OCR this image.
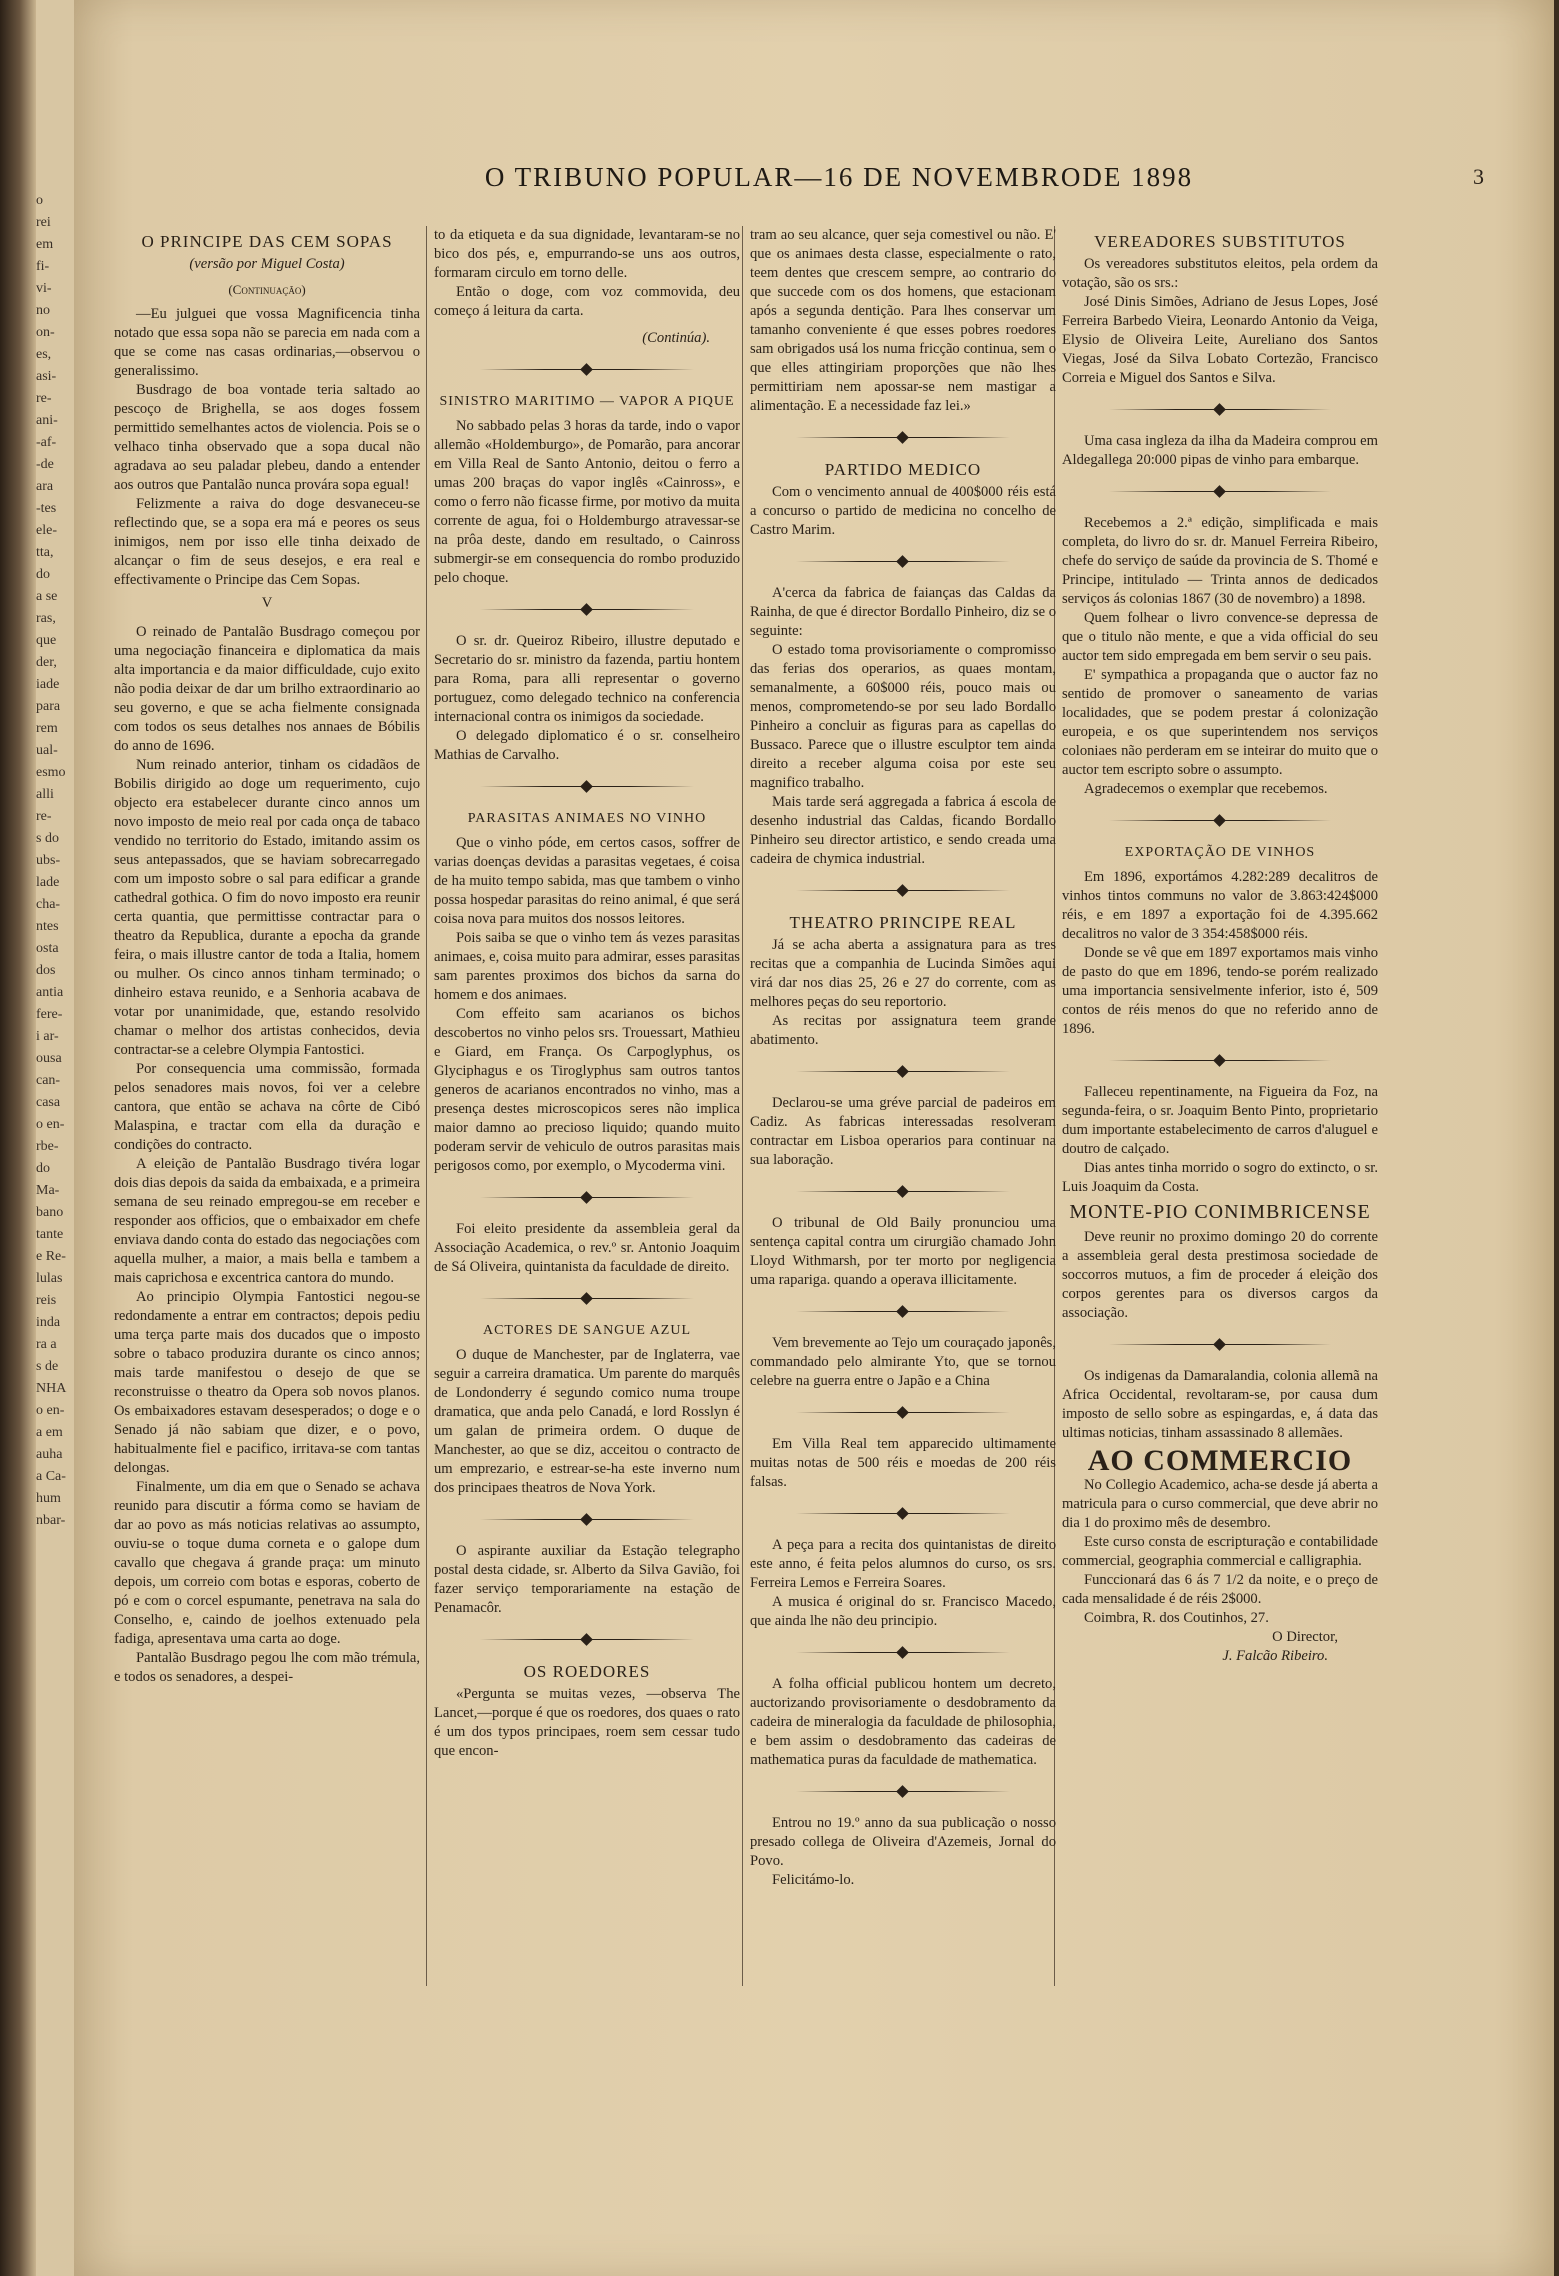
o
rei
em
fi-
vi-
no
on-
es,
asi-
re-
ani-
-af-
-de
ara
-tes
ele-
tta,
do
a se
ras,
que
der,
iade
para
rem
ual-
esmo
alli
re-
s do
ubs-
lade
cha-
ntes
osta
dos
antia
fere-
i ar-
ousa
can-
casa
o en-
rbe-
do
Ma-
bano
tante
e Re-
lulas
reis
inda
ra a
s de
NHA
o en-
a em
auha
a Ca-
hum
nbar-
O TRIBUNO POPULAR—16 DE NOVEMBRODE 1898	3
O PRINCIPE DAS CEM SOPAS
(versão por Miguel Costa)
(Continuação)

—Eu julguei que vossa Magnificencia tinha notado que essa sopa não se parecia em nada com a que se come nas casas ordinarias,—observou o generalissimo.

Busdrago de boa vontade teria saltado ao pescoço de Brighella, se aos doges fossem permittido semelhantes actos de violencia. Pois se o velhaco tinha observado que a sopa ducal não agradava ao seu paladar plebeu, dando a entender aos outros que Pantalão nunca provára sopa egual!

Felizmente a raiva do doge desvaneceu-se reflectindo que, se a sopa era má e peores os seus inimigos, nem por isso elle tinha deixado de alcançar o fim de seus desejos, e era real e effectivamente o Principe das Cem Sopas.

V

O reinado de Pantalão Busdrago começou por uma negociação financeira e diplomatica da mais alta importancia e da maior difficuldade, cujo exito não podia deixar de dar um brilho extraordinario ao seu governo, e que se acha fielmente consignada com todos os seus detalhes nos annaes de Bóbilis do anno de 1696.

Num reinado anterior, tinham os cidadãos de Bobilis dirigido ao doge um requerimento, cujo objecto era estabelecer durante cinco annos um novo imposto de meio real por cada onça de tabaco vendido no territorio do Estado, imitando assim os seus antepassados, que se haviam sobrecarregado com um imposto sobre o sal para edificar a grande cathedral gothica. O fim do novo imposto era reunir certa quantia, que permittisse contractar para o theatro da Republica, durante a epocha da grande feira, o mais illustre cantor de toda a Italia, homem ou mulher. Os cinco annos tinham terminado; o dinheiro estava reunido, e a Senhoria acabava de votar por unanimidade, que, estando resolvido chamar o melhor dos artistas conhecidos, devia contractar-se a celebre Olympia Fantostici.

Por consequencia uma commissão, formada pelos senadores mais novos, foi ver a celebre cantora, que então se achava na côrte de Cibó Malaspina, e tractar com ella da duração e condições do contracto.

A eleição de Pantalão Busdrago tivéra logar dois dias depois da saida da embaixada, e a primeira semana de seu reinado empregou-se em receber e responder aos officios, que o embaixador em chefe enviava dando conta do estado das negociações com aquella mulher, a maior, a mais bella e tambem a mais caprichosa e excentrica cantora do mundo.

Ao principio Olympia Fantostici negou-se redondamente a entrar em contractos; depois pediu uma terça parte mais dos ducados que o imposto sobre o tabaco produzira durante os cinco annos; mais tarde manifestou o desejo de que se reconstruisse o theatro da Opera sob novos planos. Os embaixadores estavam desesperados; o doge e o Senado já não sabiam que dizer, e o povo, habitualmente fiel e pacifico, irritava-se com tantas delongas.

Finalmente, um dia em que o Senado se achava reunido para discutir a fórma como se haviam de dar ao povo as más noticias relativas ao assumpto, ouviu-se o toque duma corneta e o galope dum cavallo que chegava á grande praça: um minuto depois, um correio com botas e esporas, coberto de pó e com o corcel espumante, penetrava na sala do Conselho, e, caindo de joelhos extenuado pela fadiga, apresentava uma carta ao doge.

Pantalão Busdrago pegou lhe com mão trémula, e todos os senadores, a despei-

to da etiqueta e da sua dignidade, levantaram-se no bico dos pés, e, empurrando-se uns aos outros, formaram circulo em torno delle.

Então o doge, com voz commovida, deu começo á leitura da carta.

(Continúa).
SINISTRO MARITIMO — VAPOR A PIQUE

No sabbado pelas 3 horas da tarde, indo o vapor allemão «Holdemburgo», de Pomarão, para ancorar em Villa Real de Santo Antonio, deitou o ferro a umas 200 braças do vapor inglês «Cainross», e como o ferro não ficasse firme, por motivo da muita corrente de agua, foi o Holdemburgo atravessar-se na prôa deste, dando em resultado, o Cainross submergir-se em consequencia do rombo produzido pelo choque.

O sr. dr. Queiroz Ribeiro, illustre deputado e Secretario do sr. ministro da fazenda, partiu hontem para Roma, para alli representar o governo portuguez, como delegado technico na conferencia internacional contra os inimigos da sociedade.

O delegado diplomatico é o sr. conselheiro Mathias de Carvalho.

PARASITAS ANIMAES NO VINHO

Que o vinho póde, em certos casos, soffrer de varias doenças devidas a parasitas vegetaes, é coisa de ha muito tempo sabida, mas que tambem o vinho possa hospedar parasitas do reino animal, é que será coisa nova para muitos dos nossos leitores.

Pois saiba se que o vinho tem ás vezes parasitas animaes, e, coisa muito para admirar, esses parasitas sam parentes proximos dos bichos da sarna do homem e dos animaes.

Com effeito sam acarianos os bichos descobertos no vinho pelos srs. Trouessart, Mathieu e Giard, em França. Os Carpoglyphus, os Glyciphagus e os Tiroglyphus sam outros tantos generos de acarianos encontrados no vinho, mas a presença destes microscopicos seres não implica maior damno ao precioso liquido; quando muito poderam servir de vehiculo de outros parasitas mais perigosos como, por exemplo, o Mycoderma vini.

Foi eleito presidente da assembleia geral da Associação Academica, o rev.º sr. Antonio Joaquim de Sá Oliveira, quintanista da faculdade de direito.

ACTORES DE SANGUE AZUL

O duque de Manchester, par de Inglaterra, vae seguir a carreira dramatica. Um parente do marquês de Londonderry é segundo comico numa troupe dramatica, que anda pelo Canadá, e lord Rosslyn é um galan de primeira ordem. O duque de Manchester, ao que se diz, acceitou o contracto de um emprezario, e estrear-se-ha este inverno num dos principaes theatros de Nova York.

O aspirante auxiliar da Estação telegrapho postal desta cidade, sr. Alberto da Silva Gavião, foi fazer serviço temporariamente na estação de Penamacôr.

OS ROEDORES

«Pergunta se muitas vezes, —observa The Lancet,—porque é que os roedores, dos quaes o rato é um dos typos principaes, roem sem cessar tudo que encon-

tram ao seu alcance, quer seja comestivel ou não. E' que os animaes desta classe, especialmente o rato, teem dentes que crescem sempre, ao contrario do que succede com os dos homens, que estacionam após a segunda dentição. Para lhes conservar um tamanho conveniente é que esses pobres roedores sam obrigados usá los numa fricção continua, sem o que elles attingiriam proporções que não lhes permittiriam nem apossar-se nem mastigar a alimentação. E a necessidade faz lei.»

PARTIDO MEDICO

Com o vencimento annual de 400$000 réis está a concurso o partido de medicina no concelho de Castro Marim.

A'cerca da fabrica de faianças das Caldas da Rainha, de que é director Bordallo Pinheiro, diz se o seguinte:

O estado toma provisoriamente o compromisso das ferias dos operarios, as quaes montam, semanalmente, a 60$000 réis, pouco mais ou menos, comprometendo-se por seu lado Bordallo Pinheiro a concluir as figuras para as capellas do Bussaco. Parece que o illustre esculptor tem ainda direito a receber alguma coisa por este seu magnifico trabalho.

Mais tarde será aggregada a fabrica á escola de desenho industrial das Caldas, ficando Bordallo Pinheiro seu director artistico, e sendo creada uma cadeira de chymica industrial.

THEATRO PRINCIPE REAL

Já se acha aberta a assignatura para as tres recitas que a companhia de Lucinda Simões aqui virá dar nos dias 25, 26 e 27 do corrente, com as melhores peças do seu reportorio.

As recitas por assignatura teem grande abatimento.

Declarou-se uma gréve parcial de padeiros em Cadiz. As fabricas interessadas resolveram contractar em Lisboa operarios para continuar na sua laboração.

O tribunal de Old Baily pronunciou uma sentença capital contra um cirurgião chamado John Lloyd Withmarsh, por ter morto por negligencia uma rapariga. quando a operava illicitamente.

Vem brevemente ao Tejo um couraçado japonês, commandado pelo almirante Yto, que se tornou celebre na guerra entre o Japão e a China

Em Villa Real tem apparecido ultimamente muitas notas de 500 réis e moedas de 200 réis falsas.

A peça para a recita dos quintanistas de direito este anno, é feita pelos alumnos do curso, os srs. Ferreira Lemos e Ferreira Soares.

A musica é original do sr. Francisco Macedo, que ainda lhe não deu principio.

A folha official publicou hontem um decreto, auctorizando provisoriamente o desdobramento da cadeira de mineralogia da faculdade de philosophia, e bem assim o desdobramento das cadeiras de mathematica puras da faculdade de mathematica.

Entrou no 19.º anno da sua publicação o nosso presado collega de Oliveira d'Azemeis, Jornal do Povo.

Felicitámo-lo.

VEREADORES SUBSTITUTOS

Os vereadores substitutos eleitos, pela ordem da votação, são os srs.:

José Dinis Simões, Adriano de Jesus Lopes, José Ferreira Barbedo Vieira, Leonardo Antonio da Veiga, Elysio de Oliveira Leite, Aureliano dos Santos Viegas, José da Silva Lobato Cortezão, Francisco Correia e Miguel dos Santos e Silva.

Uma casa ingleza da ilha da Madeira comprou em Aldegallega 20:000 pipas de vinho para embarque.

Recebemos a 2.ª edição, simplificada e mais completa, do livro do sr. dr. Manuel Ferreira Ribeiro, chefe do serviço de saúde da provincia de S. Thomé e Principe, intitulado — Trinta annos de dedicados serviços ás colonias 1867 (30 de novembro) a 1898.

Quem folhear o livro convence-se depressa de que o titulo não mente, e que a vida official do seu auctor tem sido empregada em bem servir o seu pais.

E' sympathica a propaganda que o auctor faz no sentido de promover o saneamento de varias localidades, que se podem prestar á colonização europeia, e os que superintendem nos serviços coloniaes não perderam em se inteirar do muito que o auctor tem escripto sobre o assumpto.

Agradecemos o exemplar que recebemos.

EXPORTAÇÃO DE VINHOS

Em 1896, exportámos 4.282:289 decalitros de vinhos tintos communs no valor de 3.863:424$000 réis, e em 1897 a exportação foi de 4.395.662 decalitros no valor de 3 354:458$000 réis.

Donde se vê que em 1897 exportamos mais vinho de pasto do que em 1896, tendo-se porém realizado uma importancia sensivelmente inferior, isto é, 509 contos de réis menos do que no referido anno de 1896.

Falleceu repentinamente, na Figueira da Foz, na segunda-feira, o sr. Joaquim Bento Pinto, proprietario dum importante estabelecimento de carros d'aluguel e doutro de calçado.

Dias antes tinha morrido o sogro do extincto, o sr. Luis Joaquim da Costa.

MONTE-PIO CONIMBRICENSE

Deve reunir no proximo domingo 20 do corrente a assembleia geral desta prestimosa sociedade de soccorros mutuos, a fim de proceder á eleição dos corpos gerentes para os diversos cargos da associação.

Os indigenas da Damaralandia, colonia allemã na Africa Occidental, revoltaram-se, por causa dum imposto de sello sobre as espingardas, e, á data das ultimas noticias, tinham assassinado 8 allemães.

AO COMMERCIO

No Collegio Academico, acha-se desde já aberta a matricula para o curso commercial, que deve abrir no dia 1 do proximo mês de desembro.

Este curso consta de escripturação e contabilidade commercial, geographia commercial e calligraphia.

Funccionará das 6 ás 7 1/2 da noite, e o preço de cada mensalidade é de réis 2$000.

Coimbra, R. dos Coutinhos, 27.

O Director,
J. Falcão Ribeiro.
